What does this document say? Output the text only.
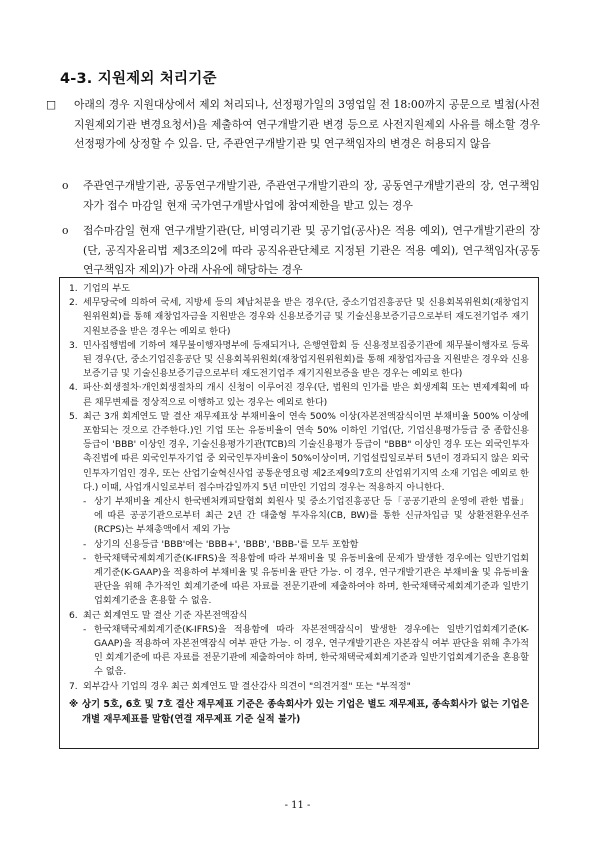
4-3. 지원제외 처리기준

□ 아래의 경우 지원대상에서 제외 처리되나, 선정평가일의 3영업일 전 18:00까지 공문으로 별첨(사전지원제외기관 변경요청서)을 제출하여 연구개발기관 변경 등으로 사전지원제외 사유를 해소할 경우 선정평가에 상정할 수 있음. 단, 주관연구개발기관 및 연구책임자의 변경은 허용되지 않음

o	주관연구개발기관, 공동연구개발기관, 주관연구개발기관의 장, 공동연구개발기관의 장, 연구책임자가 접수 마감일 현재 국가연구개발사업에 참여제한을 받고 있는 경우
o	접수마감일 현재 연구개발기관(단, 비영리기관 및 공기업(공사)은 적용 예외), 연구개발기관의 장(단, 공직자윤리법 제3조의2에 따라 공직유관단체로 지정된 기관은 적용 예외), 연구책임자(공동연구책임자 제외)가 아래 사유에 해당하는 경우
1. 기업의 부도
2. 세무당국에 의하여 국세, 지방세 등의 체납처분을 받은 경우(단, 중소기업진흥공단 및 신용회복위원회(재창업지원위원회)를 통해 재창업자금을 지원받은 경우와 신용보증기금 및 기술신용보증기금으로부터 재도전기업주 재기지원보증을 받은 경우는 예외로 한다)
3. 민사집행법에 기하여 채무불이행자명부에 등재되거나, 은행연합회 등 신용정보집중기관에 채무불이행자로 등록된 경우(단, 중소기업진흥공단 및 신용회복위원회(재창업지원위원회)를 통해 재창업자금을 지원받은 경우와 신용보증기금 및 기술신용보증기금으로부터 재도전기업주 재기지원보증을 받은 경우는 예외로 한다)
4. 파산·회생절차·개인회생절차의 개시 신청이 이루어진 경우(단, 법원의 인가를 받은 회생계획 또는 변제계획에 따른 채무변제를 정상적으로 이행하고 있는 경우는 예외로 한다)
5. 최근 3개 회계연도 말 결산 재무제표상 부채비율이 연속 500% 이상(자본전액잠식이면 부채비율 500% 이상에 포함되는 것으로 간주한다.)인 기업 또는 유동비율이 연속 50% 이하인 기업(단, 기업신용평가등급 중 종합신용등급이 'BBB' 이상인 경우, 기술신용평가기관(TCB)의 기술신용평가 등급이 "BBB" 이상인 경우 또는 외국인투자촉진법에 따른 외국인투자기업 중 외국인투자비율이 50%이상이며, 기업설립일로부터 5년이 경과되지 않은 외국인투자기업인 경우, 또는 산업기술혁신사업 공통운영요령 제2조제9의7호의 산업위기지역 소재 기업은 예외로 한다.) 이때, 사업개시일로부터 접수마감일까지 5년 미만인 기업의 경우는 적용하지 아니한다.
- 상기 부채비율 계산시 한국벤처캐피탈협회 회원사 및 중소기업진흥공단 등「공공기관의 운영에 관한 법률」에 따른 공공기관으로부터 최근 2년 간 대출형 투자유치(CB, BW)를 통한 신규차입금 및 상환전환우선주(RCPS)는 부채총액에서 제외 가능
- 상기의 신용등급 'BBB'에는 'BBB+', 'BBB', 'BBB-'를 모두 포함함
- 한국채택국제회계기준(K-IFRS)을 적용함에 따라 부채비율 및 유동비율에 문제가 발생한 경우에는 일반기업회계기준(K-GAAP)을 적용하여 부채비율 및 유동비율 판단 가능. 이 경우, 연구개발기관은 부채비율 및 유동비율 판단을 위해 추가적인 회계기준에 따른 자료를 전문기관에 제출하여야 하며, 한국채택국제회계기준과 일반기업회계기준을 혼용할 수 없음.
6. 최근 회계연도 말 결산 기준 자본전액잠식
- 한국채택국제회계기준(K-IFRS)을 적용함에 따라 자본전액잠식이 발생한 경우에는 일반기업회계기준(K-GAAP)을 적용하여 자본전액잠식 여부 판단 가능. 이 경우, 연구개발기관은 자본잠식 여부 판단을 위해 추가적인 회계기준에 따른 자료를 전문기관에 제출하여야 하며, 한국채택국제회계기준과 일반기업회계기준을 혼용할 수 없음.
7. 외부감사 기업의 경우 최근 회계연도 말 결산감사 의견이 "의견거절" 또는 "부적정"
※ 상기 5호, 6호 및 7호 결산 재무제표 기준은 종속회사가 있는 기업은 별도 재무제표, 종속회사가 없는 기업은 개별 재무제표를 말함(연결 재무제표 기준 실적 불가)
- 11 -
